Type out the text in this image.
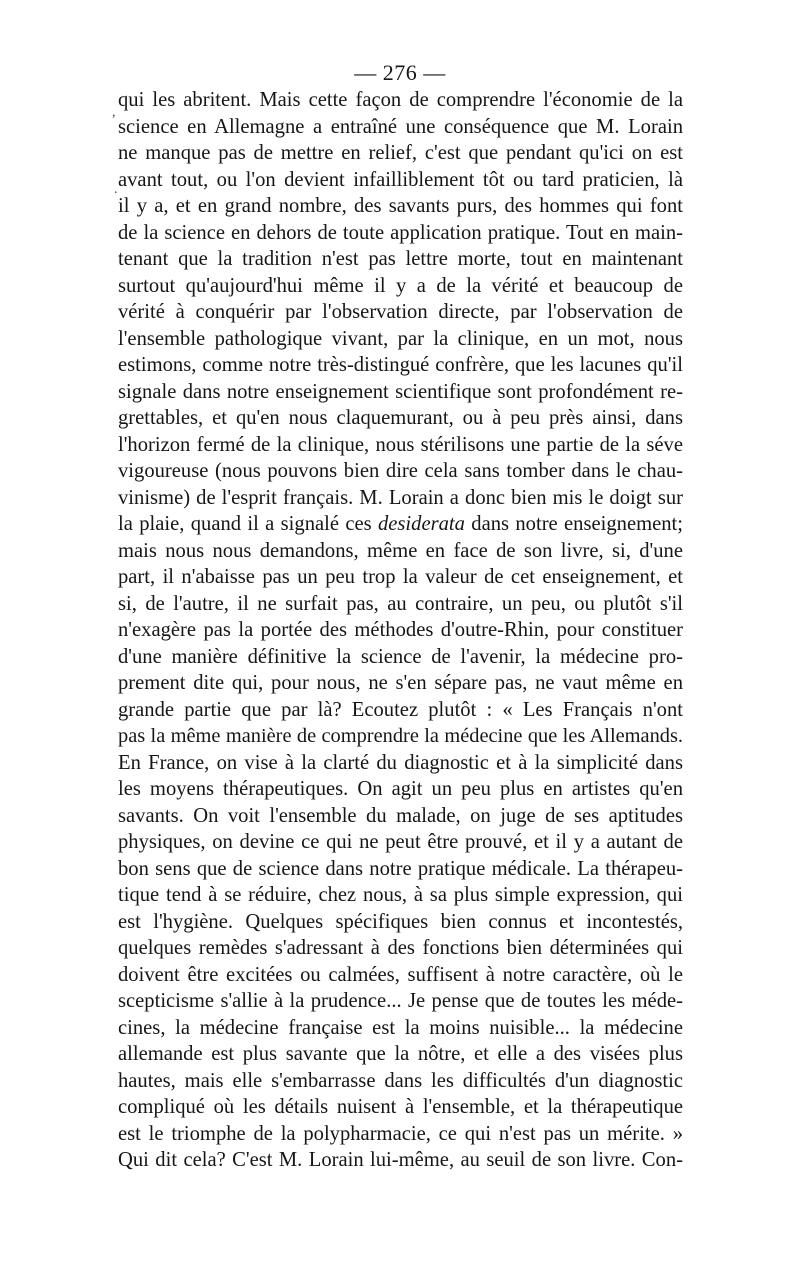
— 276 —
,
.
qui les abritent. Mais cette façon de comprendre l'économie de la
science en Allemagne a entraîné une conséquence que M. Lorain
ne manque pas de mettre en relief, c'est que pendant qu'ici on est
avant tout, ou l'on devient infailliblement tôt ou tard praticien, là
il y a, et en grand nombre, des savants purs, des hommes qui font
de la science en dehors de toute application pratique. Tout en main-
tenant que la tradition n'est pas lettre morte, tout en maintenant
surtout qu'aujourd'hui même il y a de la vérité et beaucoup de
vérité à conquérir par l'observation directe, par l'observation de
l'ensemble pathologique vivant, par la clinique, en un mot, nous
estimons, comme notre très-distingué confrère, que les lacunes qu'il
signale dans notre enseignement scientifique sont profondément re-
grettables, et qu'en nous claquemurant, ou à peu près ainsi, dans
l'horizon fermé de la clinique, nous stérilisons une partie de la séve
vigoureuse (nous pouvons bien dire cela sans tomber dans le chau-
vinisme) de l'esprit français. M. Lorain a donc bien mis le doigt sur
la plaie, quand il a signalé ces desiderata dans notre enseignement;
mais nous nous demandons, même en face de son livre, si, d'une
part, il n'abaisse pas un peu trop la valeur de cet enseignement, et
si, de l'autre, il ne surfait pas, au contraire, un peu, ou plutôt s'il
n'exagère pas la portée des méthodes d'outre-Rhin, pour constituer
d'une manière définitive la science de l'avenir, la médecine pro-
prement dite qui, pour nous, ne s'en sépare pas, ne vaut même en
grande partie que par là? Ecoutez plutôt : « Les Français n'ont
pas la même manière de comprendre la médecine que les Allemands.
En France, on vise à la clarté du diagnostic et à la simplicité dans
les moyens thérapeutiques. On agit un peu plus en artistes qu'en
savants. On voit l'ensemble du malade, on juge de ses aptitudes
physiques, on devine ce qui ne peut être prouvé, et il y a autant de
bon sens que de science dans notre pratique médicale. La thérapeu-
tique tend à se réduire, chez nous, à sa plus simple expression, qui
est l'hygiène. Quelques spécifiques bien connus et incontestés,
quelques remèdes s'adressant à des fonctions bien déterminées qui
doivent être excitées ou calmées, suffisent à notre caractère, où le
scepticisme s'allie à la prudence... Je pense que de toutes les méde-
cines, la médecine française est la moins nuisible... la médecine
allemande est plus savante que la nôtre, et elle a des visées plus
hautes, mais elle s'embarrasse dans les difficultés d'un diagnostic
compliqué où les détails nuisent à l'ensemble, et la thérapeutique
est le triomphe de la polypharmacie, ce qui n'est pas un mérite. »
Qui dit cela? C'est M. Lorain lui-même, au seuil de son livre. Con-
